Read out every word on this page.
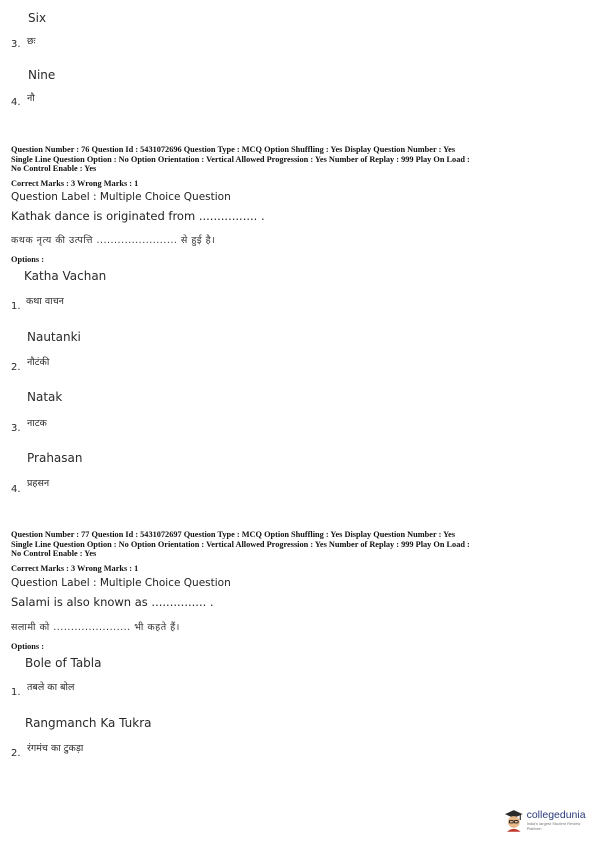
Six
3. छः
Nine
4. नौ
Question Number : 76 Question Id : 5431072696 Question Type : MCQ Option Shuffling : Yes Display Question Number : Yes
Single Line Question Option : No Option Orientation : Vertical Allowed Progression : Yes Number of Replay : 999 Play On Load :
No Control Enable : Yes
Correct Marks : 3 Wrong Marks : 1
Question Label : Multiple Choice Question
Kathak dance is originated from ................ .
कथक नृत्य की उत्पत्ति ....................... से हुई है।
Options :
Katha Vachan
1. कथा वाचन
Nautanki
2. नौटंकी
Natak
3. नाटक
Prahasan
4.
प्रहसन
Question Number : 77 Question Id : 5431072697 Question Type : MCQ Option Shuffling : Yes Display Question Number : Yes
Single Line Question Option : No Option Orientation : Vertical Allowed Progression : Yes Number of Replay : 999 Play On Load :
No Control Enable : Yes
Correct Marks : 3 Wrong Marks : 1
Question Label : Multiple Choice Question
Salami is also known as ............... .
सलामी को ...................... भी कहते हैं।
Options :
Bole of Tabla
1. तबले का बोल
Rangmanch Ka Tukra
2. रंगमंच का टुकड़ा
collegedunia
India's largest Student Review Platform
